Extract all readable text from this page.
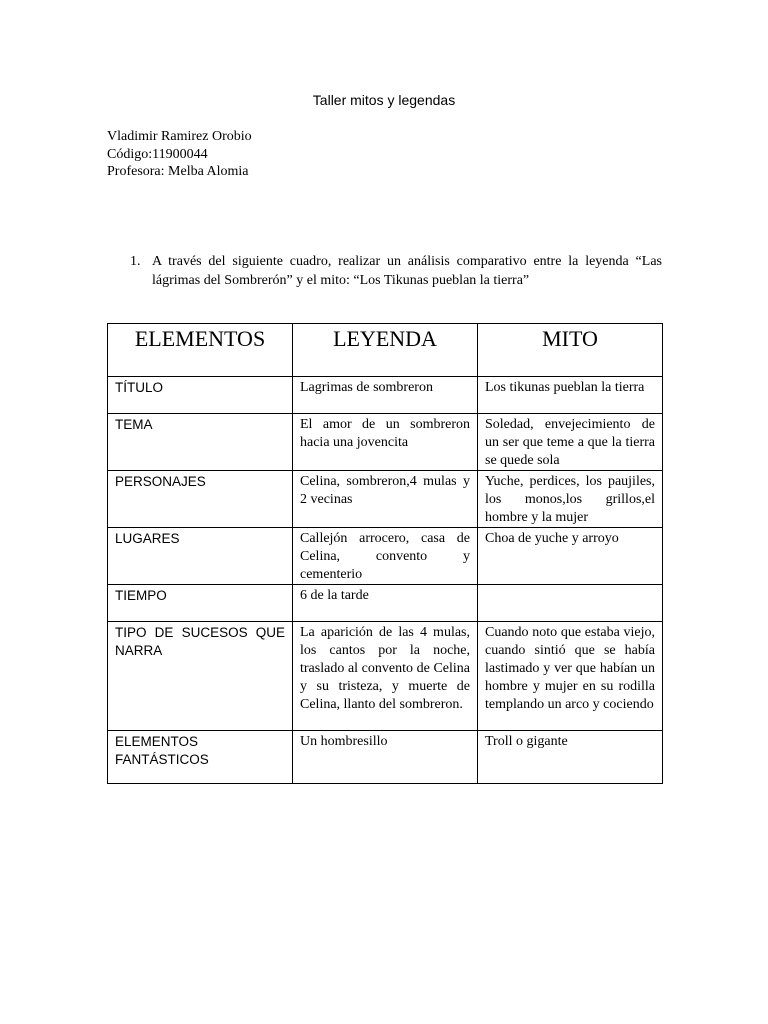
Taller mitos y legendas
Vladimir Ramirez Orobio
Código:11900044
Profesora: Melba Alomia
1. A través del siguiente cuadro, realizar un análisis comparativo entre la leyenda “Las lágrimas del Sombrerón” y el mito: “Los Tikunas pueblan la tierra”
ELEMENTOS	LEYENDA	MITO
TÍTULO	Lagrimas de sombreron	Los tikunas pueblan la tierra
TEMA	El amor de un sombreron hacia una jovencita	Soledad, envejecimiento de un ser que teme a que la tierra se quede sola
PERSONAJES	Celina, sombreron,4 mulas y 2 vecinas	Yuche, perdices, los paujiles, los monos,los grillos,el hombre y la mujer
LUGARES	Callejón arrocero, casa de Celina, convento y cementerio	Choa de yuche y arroyo
TIEMPO	6 de la tarde	
TIPO DE SUCESOS QUE NARRA	La aparición de las 4 mulas, los cantos por la noche, traslado al convento de Celina y su tristeza, y muerte de Celina, llanto del sombreron.	Cuando noto que estaba viejo, cuando sintió que se había lastimado y ver que habían un hombre y mujer en su rodilla templando un arco y cociendo
ELEMENTOS FANTÁSTICOS	Un hombresillo	Troll o gigante
